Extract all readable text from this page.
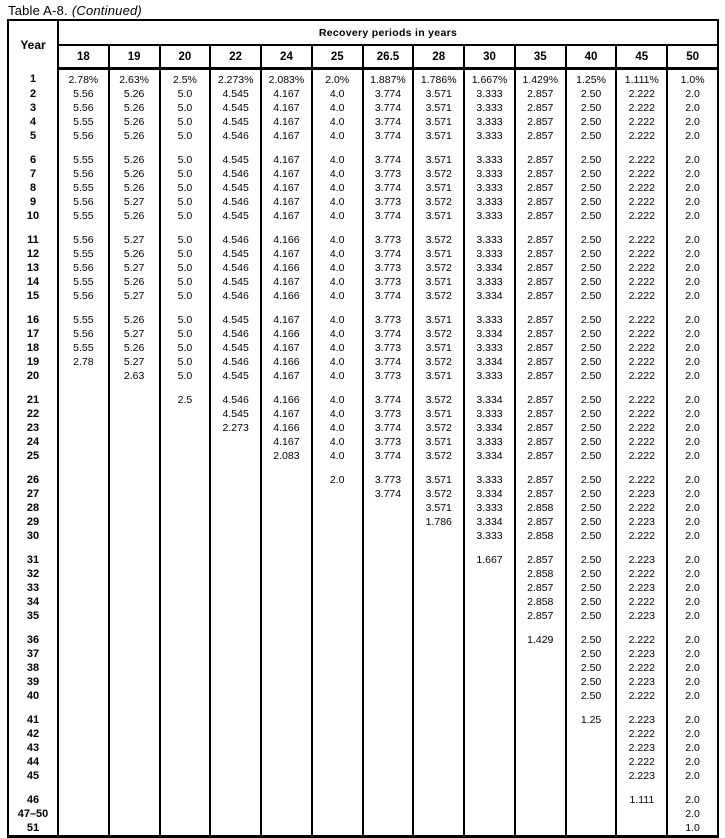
Table A-8. (Continued)
Year	Recovery periods in years												
	18	19	20	22	24	25	26.5	28	30	35	40	45	50
1	2.78%	2.63%	2.5%	2.273%	2.083%	2.0%	1.887%	1.786%	1.667%	1.429%	1.25%	1.111%	1.0%
2	5.56	5.26	5.0	4.545	4.167	4.0	3.774	3.571	3.333	2.857	2.50	2.222	2.0
3	5.56	5.26	5.0	4.545	4.167	4.0	3.774	3.571	3.333	2.857	2.50	2.222	2.0
4	5.55	5.26	5.0	4.545	4.167	4.0	3.774	3.571	3.333	2.857	2.50	2.222	2.0
5	5.56	5.26	5.0	4.546	4.167	4.0	3.774	3.571	3.333	2.857	2.50	2.222	2.0

6	5.55	5.26	5.0	4.545	4.167	4.0	3.774	3.571	3.333	2.857	2.50	2.222	2.0
7	5.56	5.26	5.0	4.546	4.167	4.0	3.773	3.572	3.333	2.857	2.50	2.222	2.0
8	5.55	5.26	5.0	4.545	4.167	4.0	3.774	3.571	3.333	2.857	2.50	2.222	2.0
9	5.56	5.27	5.0	4.546	4.167	4.0	3.773	3.572	3.333	2.857	2.50	2.222	2.0
10	5.55	5.26	5.0	4.545	4.167	4.0	3.774	3.571	3.333	2.857	2.50	2.222	2.0

11	5.56	5.27	5.0	4.546	4.166	4.0	3.773	3.572	3.333	2.857	2.50	2.222	2.0
12	5.55	5.26	5.0	4.545	4.167	4.0	3.774	3.571	3.333	2.857	2.50	2.222	2.0
13	5.56	5.27	5.0	4.546	4.166	4.0	3.773	3.572	3.334	2.857	2.50	2.222	2.0
14	5.55	5.26	5.0	4.545	4.167	4.0	3.773	3.571	3.333	2.857	2.50	2.222	2.0
15	5.56	5.27	5.0	4.546	4.166	4.0	3.774	3.572	3.334	2.857	2.50	2.222	2.0

16	5.55	5.26	5.0	4.545	4.167	4.0	3.773	3.571	3.333	2.857	2.50	2.222	2.0
17	5.56	5.27	5.0	4.546	4.166	4.0	3.774	3.572	3.334	2.857	2.50	2.222	2.0
18	5.55	5.26	5.0	4.545	4.167	4.0	3.773	3.571	3.333	2.857	2.50	2.222	2.0
19	2.78	5.27	5.0	4.546	4.166	4.0	3.774	3.572	3.334	2.857	2.50	2.222	2.0
20		2.63	5.0	4.545	4.167	4.0	3.773	3.571	3.333	2.857	2.50	2.222	2.0

21			2.5	4.546	4.166	4.0	3.774	3.572	3.334	2.857	2.50	2.222	2.0
22				4.545	4.167	4.0	3.773	3.571	3.333	2.857	2.50	2.222	2.0
23				2.273	4.166	4.0	3.774	3.572	3.334	2.857	2.50	2.222	2.0
24					4.167	4.0	3.773	3.571	3.333	2.857	2.50	2.222	2.0
25					2.083	4.0	3.774	3.572	3.334	2.857	2.50	2.222	2.0

26						2.0	3.773	3.571	3.333	2.857	2.50	2.222	2.0
27							3.774	3.572	3.334	2.857	2.50	2.223	2.0
28								3.571	3.333	2.858	2.50	2.222	2.0
29								1.786	3.334	2.857	2.50	2.223	2.0
30									3.333	2.858	2.50	2.222	2.0

31									1.667	2.857	2.50	2.223	2.0
32										2.858	2.50	2.222	2.0
33										2.857	2.50	2.223	2.0
34										2.858	2.50	2.222	2.0
35										2.857	2.50	2.223	2.0

36										1.429	2.50	2.222	2.0
37											2.50	2.223	2.0
38											2.50	2.222	2.0
39											2.50	2.223	2.0
40											2.50	2.222	2.0

41											1.25	2.223	2.0
42												2.222	2.0
43												2.223	2.0
44												2.222	2.0
45												2.223	2.0

46												1.111	2.0
47–50													2.0
51													1.0
